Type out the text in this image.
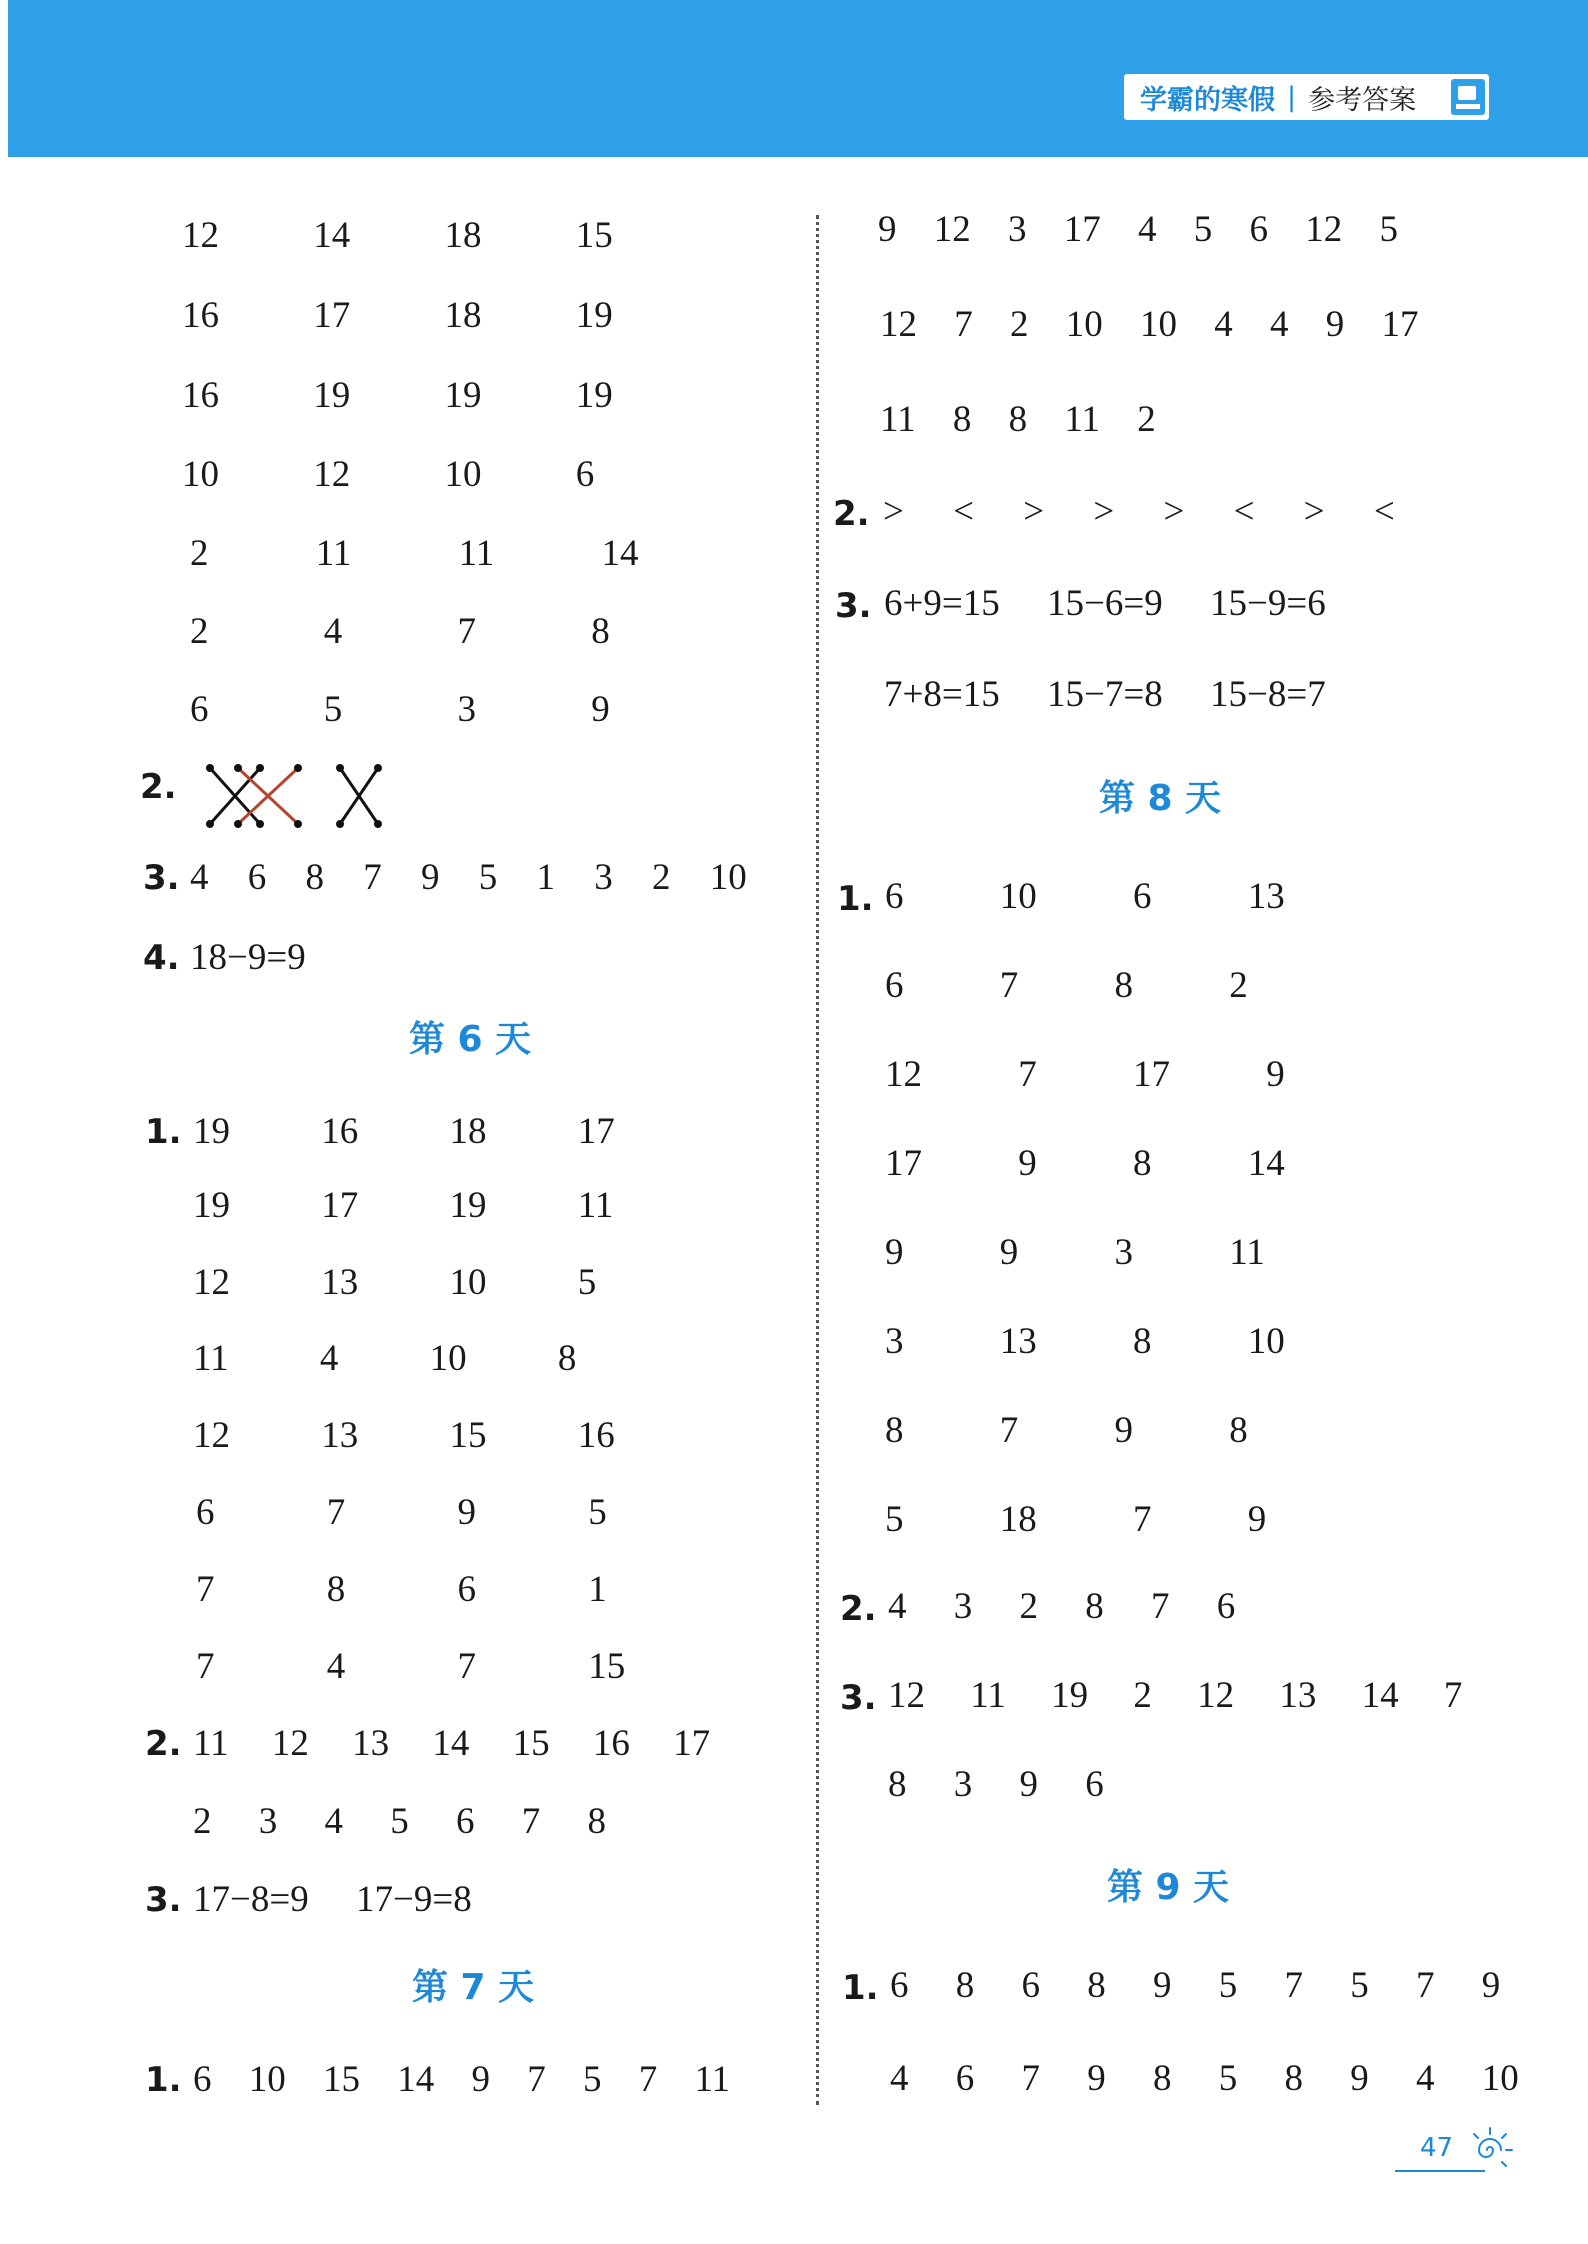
学霸的寒假 | 参考答案
12 14 18 15
16 17 18 19
16 19 19 19
10 12 10 6
2 11 11 14
2 4 7 8
6 5 3 9
2.
3. 4 6 8 7 9 5 1 3 2 10
4. 18−9=9
第 6 天
1. 19 16 18 17
19 17 19 11
12 13 10 5
11 4 10 8
12 13 15 16
6 7 9 5
7 8 6 1
7 4 7 15
2. 11 12 13 14 15 16 17
2 3 4 5 6 7 8
3. 17−8=9 17−9=8
第 7 天
1. 6 10 15 14 9 7 5 7 11
9 12 3 17 4 5 6 12 5
12 7 2 10 10 4 4 9 17
11 8 8 11 2
2. > < > > > < > <
3. 6+9=15 15−6=9 15−9=6
7+8=15 15−7=8 15−8=7
第 8 天
1. 6 10 6 13
6 7 8 2
12 7 17 9
17 9 8 14
9 9 3 11
3 13 8 10
8 7 9 8
5 18 7 9
2. 4 3 2 8 7 6
3. 12 11 19 2 12 13 14 7
8 3 9 6
第 9 天
1. 6 8 6 8 9 5 7 5 7 9
4 6 7 9 8 5 8 9 4 10
47
